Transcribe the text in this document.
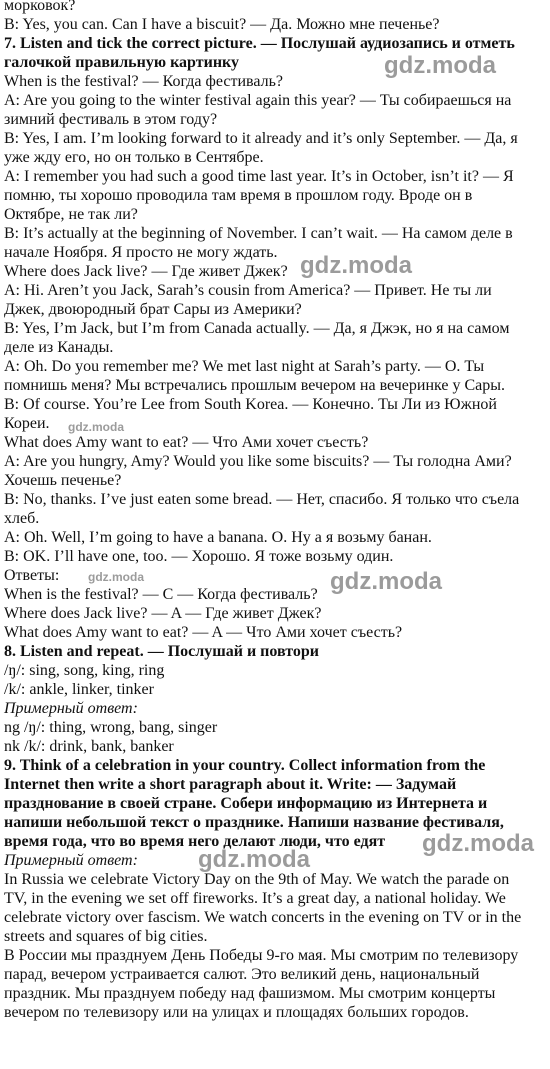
морковок?
B: Yes, you can. Can I have a biscuit? — Да. Можно мне печенье?
7. Listen and tick the correct picture. — Послушай аудиозапись и отметь
галочкой правильную картинку
When is the festival? — Когда фестиваль?
A: Are you going to the winter festival again this year? — Ты собираешься на
зимний фестиваль в этом году?
B: Yes, I am. I’m looking forward to it already and it’s only September. — Да, я
уже жду его, но он только в Сентябре.
A: I remember you had such a good time last year. It’s in October, isn’t it? — Я
помню, ты хорошо проводила там время в прошлом году. Вроде он в
Октябре, не так ли?
B: It’s actually at the beginning of November. I can’t wait. — На самом деле в
начале Ноября. Я просто не могу ждать.
Where does Jack live? — Где живет Джек?
A: Hi. Aren’t you Jack, Sarah’s cousin from America? — Привет. Не ты ли
Джек, двоюродный брат Сары из Америки?
B: Yes, I’m Jack, but I’m from Canada actually. — Да, я Джэк, но я на самом
деле из Канады.
A: Oh. Do you remember me? We met last night at Sarah’s party. — О. Ты
помнишь меня? Мы встречались прошлым вечером на вечеринке у Сары.
B: Of course. You’re Lee from South Korea. — Конечно. Ты Ли из Южной
Кореи.
What does Amy want to eat? — Что Ами хочет съесть?
A: Are you hungry, Amy? Would you like some biscuits? — Ты голодна Ами?
Хочешь печенье?
B: No, thanks. I’ve just eaten some bread. — Нет, спасибо. Я только что съела
хлеб.
A: Oh. Well, I’m going to have a banana. О. Ну а я возьму банан.
B: OK. I’ll have one, too. — Хорошо. Я тоже возьму один.
Ответы:
When is the festival? — C — Когда фестиваль?
Where does Jack live? — A — Где живет Джек?
What does Amy want to eat? — A — Что Ами хочет съесть?
8. Listen and repeat. — Послушай и повтори
/ŋ/: sing, song, king, ring
/k/: ankle, linker, tinker
Примерный ответ:
ng /ŋ/: thing, wrong, bang, singer
nk /k/: drink, bank, banker
9. Think of a celebration in your country. Collect information from the
Internet then write a short paragraph about it. Write: — Задумай
празднование в своей стране. Собери информацию из Интернета и
напиши небольшой текст о празднике. Напиши название фестиваля,
время года, что во время него делают люди, что едят
Примерный ответ:
In Russia we celebrate Victory Day on the 9th of May. We watch the parade on
TV, in the evening we set off fireworks. It’s a great day, a national holiday. We
celebrate victory over fascism. We watch concerts in the evening on TV or in the
streets and squares of big cities.
В России мы празднуем День Победы 9-го мая. Мы смотрим по телевизору
парад, вечером устраивается салют. Это великий день, национальный
праздник. Мы празднуем победу над фашизмом. Мы смотрим концерты
вечером по телевизору или на улицах и площадях больших городов.
gdz.moda
gdz.moda
gdz.moda
gdz.moda	gdz.moda
gdz.moda
gdz.moda
